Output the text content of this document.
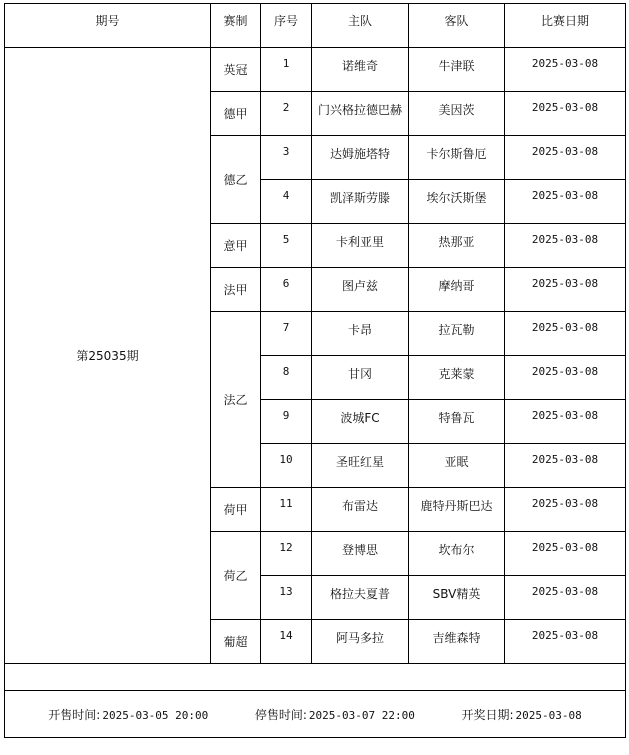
期号	赛制	序号	主队	客队	比赛日期
第25035期	英冠	1	诺维奇	牛津联	2025-03-08
	德甲	2	门兴格拉德巴赫	美因茨	2025-03-08
	德乙	3	达姆施塔特	卡尔斯鲁厄	2025-03-08
		4	凯泽斯劳滕	埃尔沃斯堡	2025-03-08
	意甲	5	卡利亚里	热那亚	2025-03-08
	法甲	6	图卢兹	摩纳哥	2025-03-08
	法乙	7	卡昂	拉瓦勒	2025-03-08
		8	甘冈	克莱蒙	2025-03-08
		9	波城FC	特鲁瓦	2025-03-08
		10	圣旺红星	亚眠	2025-03-08
	荷甲	11	布雷达	鹿特丹斯巴达	2025-03-08
	荷乙	12	登博思	坎布尔	2025-03-08
		13	格拉夫夏普	SBV精英	2025-03-08
	葡超	14	阿马多拉	吉维森特	2025-03-08

开售时间: 2025-03-05 20:00 停售时间: 2025-03-07 22:00 开奖日期: 2025-03-08					
